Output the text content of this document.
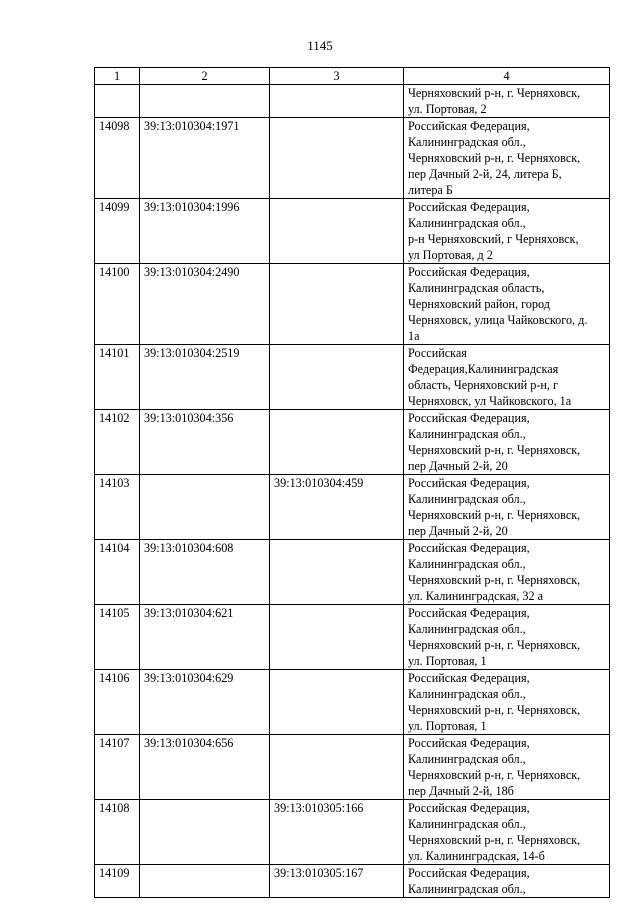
1145
1	2	3	4

			Черняховский р-н, г. Черняховск,
ул. Портовая, 2

14098	39:13:010304:1971		Российская Федерация,
Калининградская обл.,
Черняховский р-н, г. Черняховск,
пер Дачный 2-й, 24, литера Б,
литера Б

14099	39:13:010304:1996		Российская Федерация,
Калининградская обл.,
р-н Черняховский, г Черняховск,
ул Портовая, д 2

14100	39:13:010304:2490		Российская Федерация,
Калининградская область,
Черняховский район, город
Черняховск, улица Чайковского, д.
1а

14101	39:13:010304:2519		Российская
Федерация,Калининградская
область, Черняховский р-н, г
Черняховск, ул Чайковского, 1а

14102	39:13:010304:356		Российская Федерация,
Калининградская обл.,
Черняховский р-н, г. Черняховск,
пер Дачный 2-й, 20

14103		39:13:010304:459	Российская Федерация,
Калининградская обл.,
Черняховский р-н, г. Черняховск,
пер Дачный 2-й, 20

14104	39:13:010304:608		Российская Федерация,
Калининградская обл.,
Черняховский р-н, г. Черняховск,
ул. Калининградская, 32 а

14105	39:13:010304:621		Российская Федерация,
Калининградская обл.,
Черняховский р-н, г. Черняховск,
ул. Портовая, 1

14106	39:13:010304:629		Российская Федерация,
Калининградская обл.,
Черняховский р-н, г. Черняховск,
ул. Портовая, 1

14107	39:13:010304:656		Российская Федерация,
Калининградская обл.,
Черняховский р-н, г. Черняховск,
пер Дачный 2-й, 18б

14108		39:13:010305:166	Российская Федерация,
Калининградская обл.,
Черняховский р-н, г. Черняховск,
ул. Калининградская, 14-б

14109		39:13:010305:167	Российская Федерация,
Калининградская обл.,
